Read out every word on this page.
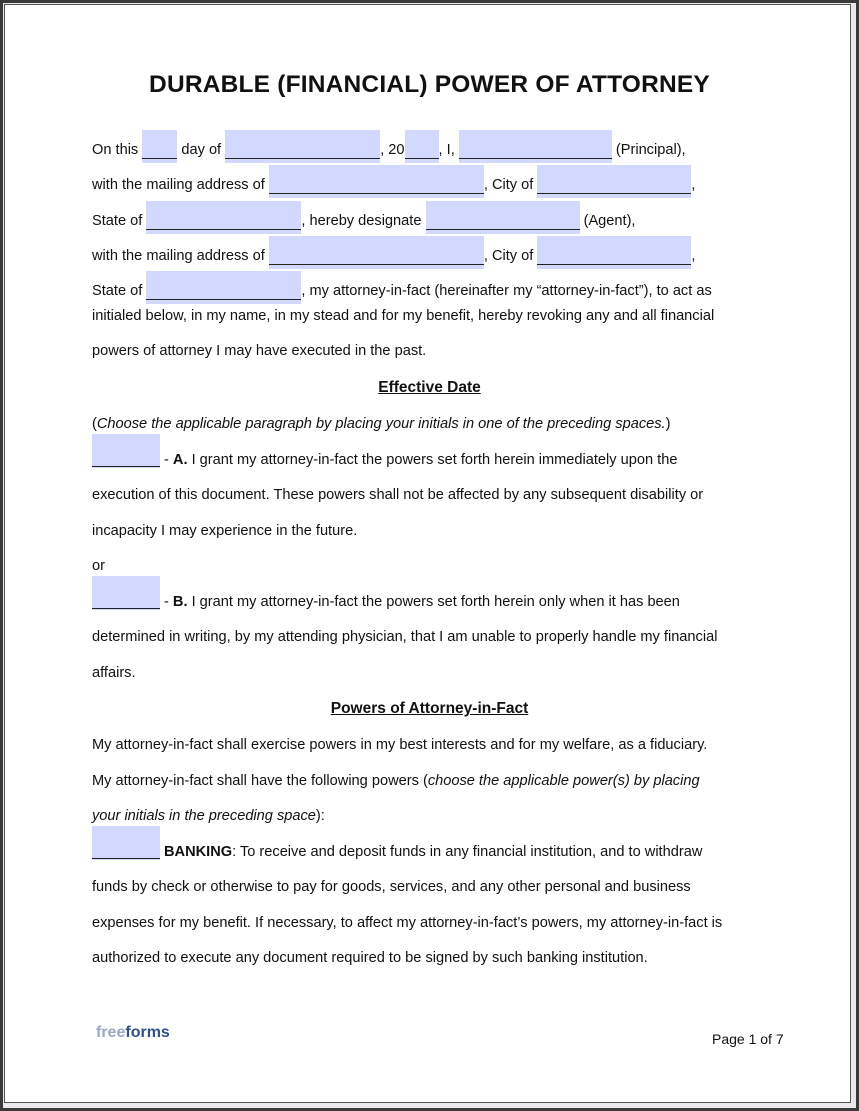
DURABLE (FINANCIAL) POWER OF ATTORNEY
On this	day of	, 20 , I,	(Principal),
with the mailing address of	, City of	,
State of	, hereby designate	(Agent),
with the mailing address of	, City of	,
State of	, my attorney-in-fact (hereinafter my “attorney-in-fact”), to act as
initialed below, in my name, in my stead and for my benefit, hereby revoking any and all financial
powers of attorney I may have executed in the past.
Effective Date
(Choose the applicable paragraph by placing your initials in one of the preceding spaces.)
- A. I grant my attorney-in-fact the powers set forth herein immediately upon the
execution of this document. These powers shall not be affected by any subsequent disability or
incapacity I may experience in the future.
or
- B. I grant my attorney-in-fact the powers set forth herein only when it has been
determined in writing, by my attending physician, that I am unable to properly handle my financial
affairs.
Powers of Attorney-in-Fact
My attorney-in-fact shall exercise powers in my best interests and for my welfare, as a fiduciary.
My attorney-in-fact shall have the following powers (choose the applicable power(s) by placing
your initials in the preceding space):
BANKING: To receive and deposit funds in any financial institution, and to withdraw
funds by check or otherwise to pay for goods, services, and any other personal and business
expenses for my benefit. If necessary, to affect my attorney-in-fact’s powers, my attorney-in-fact is
authorized to execute any document required to be signed by such banking institution.
freeforms	Page 1 of 7
